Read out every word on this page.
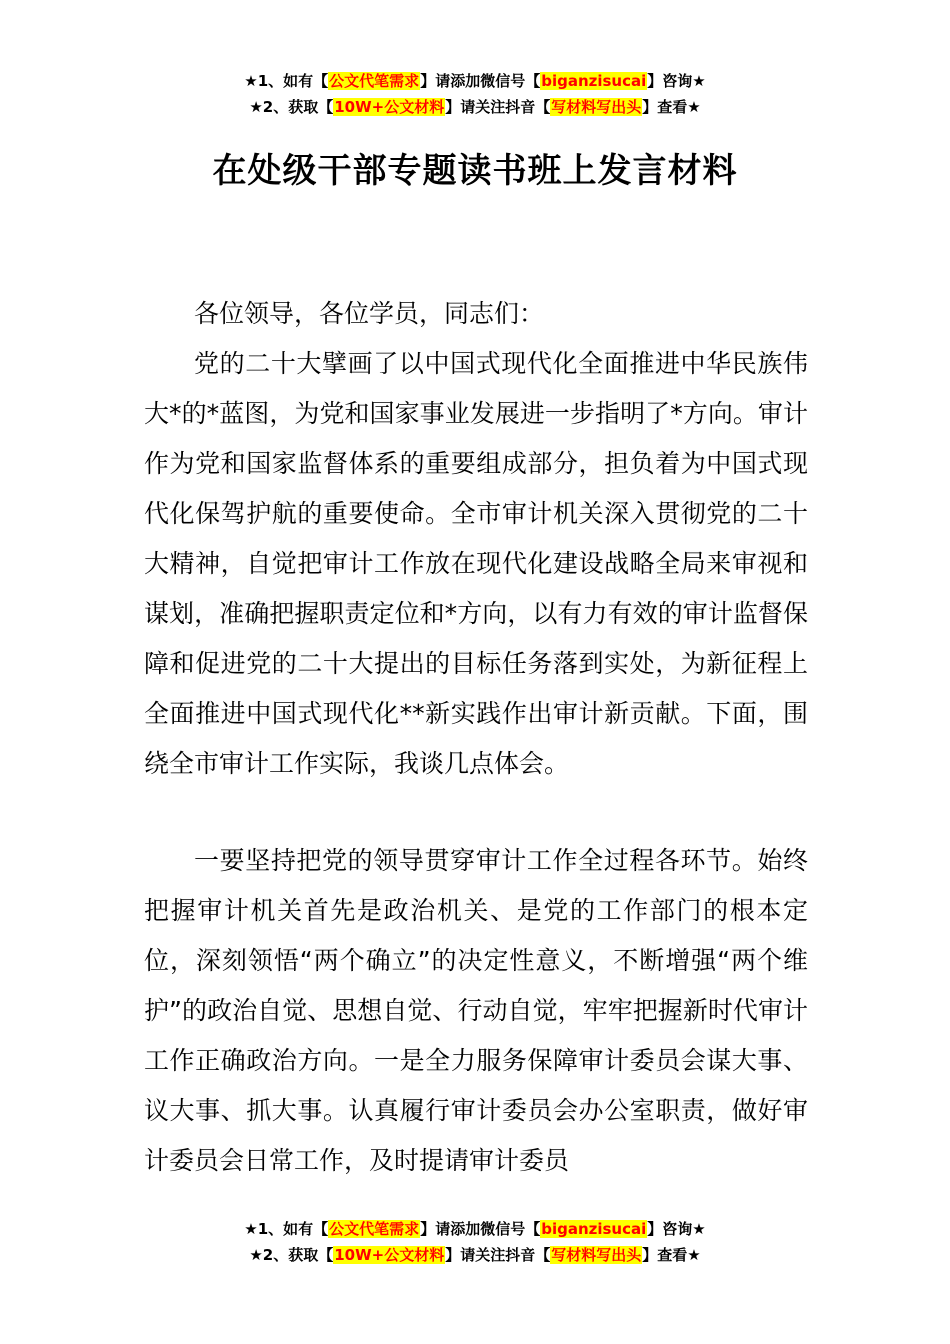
★1、如有【公文代笔需求】请添加微信号【biganzisucai】咨询★
★2、获取【10W+公文材料】请关注抖音【写材料写出头】查看★
在处级干部专题读书班上发言材料

各位领导，各位学员，同志们：

党的二十大擘画了以中国式现代化全面推进中华民族伟大*的*蓝图，为党和国家事业发展进一步指明了*方向。审计作为党和国家监督体系的重要组成部分，担负着为中国式现代化保驾护航的重要使命。全市审计机关深入贯彻党的二十大精神，自觉把审计工作放在现代化建设战略全局来审视和谋划，准确把握职责定位和*方向，以有力有效的审计监督保障和促进党的二十大提出的目标任务落到实处，为新征程上全面推进中国式现代化**新实践作出审计新贡献。下面，围绕全市审计工作实际，我谈几点体会。

一要坚持把党的领导贯穿审计工作全过程各环节。始终把握审计机关首先是政治机关、是党的工作部门的根本定位，深刻领悟“两个确立”的决定性意义，不断增强“两个维护”的政治自觉、思想自觉、行动自觉，牢牢把握新时代审计工作正确政治方向。一是全力服务保障审计委员会谋大事、议大事、抓大事。认真履行审计委员会办公室职责，做好审计委员会日常工作，及时提请审计委员

★1、如有【公文代笔需求】请添加微信号【biganzisucai】咨询★
★2、获取【10W+公文材料】请关注抖音【写材料写出头】查看★
